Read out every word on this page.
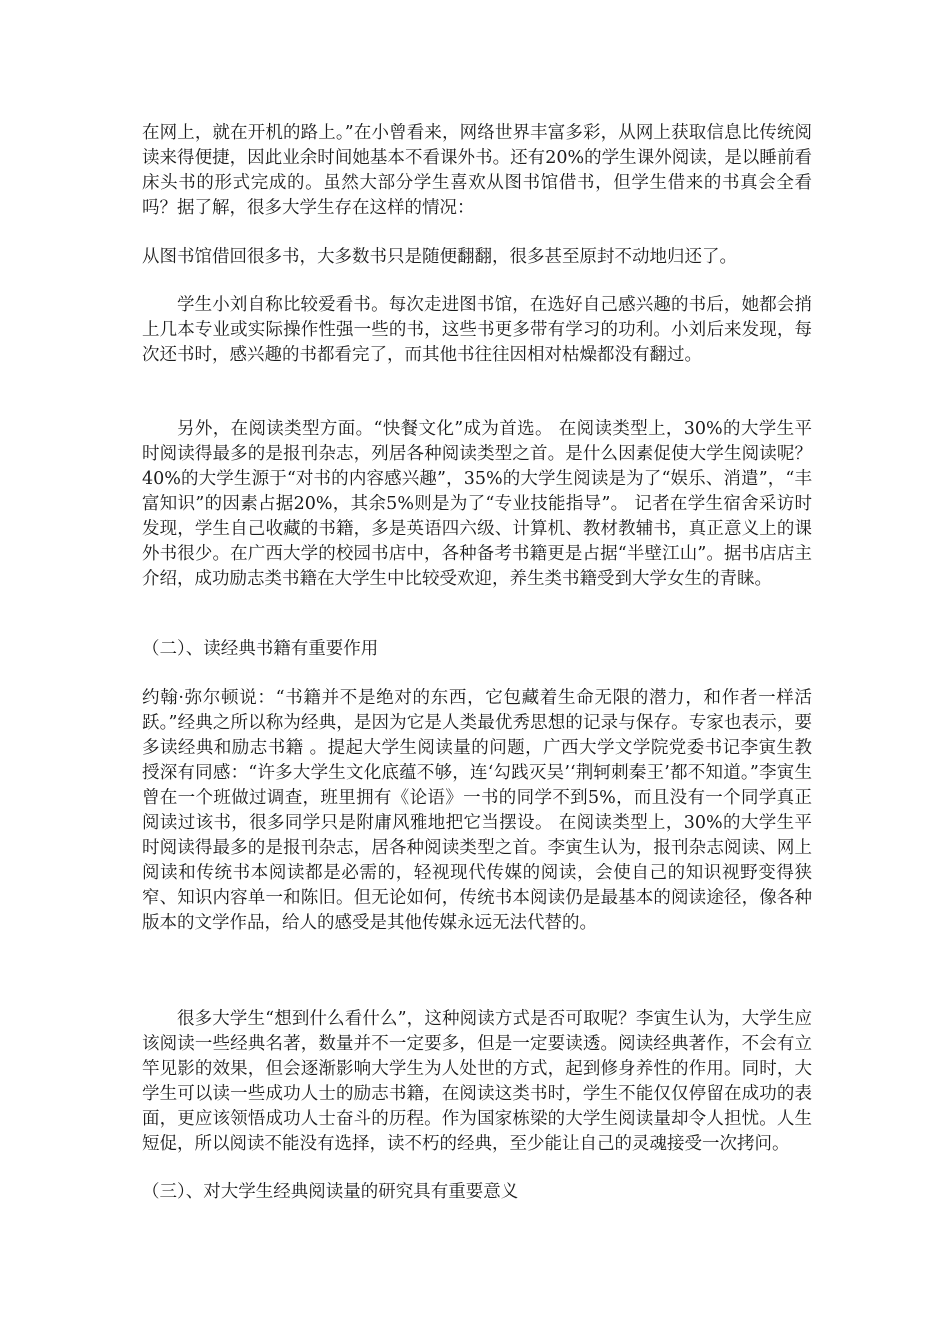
在网上，就在开机的路上。”在小曾看来，网络世界丰富多彩，从网上获取信息比传统阅读来得便捷，因此业余时间她基本不看课外书。还有20%的学生课外阅读，是以睡前看床头书的形式完成的。虽然大部分学生喜欢从图书馆借书，但学生借来的书真会全看吗？据了解，很多大学生存在这样的情况：

从图书馆借回很多书，大多数书只是随便翻翻，很多甚至原封不动地归还了。

学生小刘自称比较爱看书。每次走进图书馆，在选好自己感兴趣的书后，她都会捎上几本专业或实际操作性强一些的书，这些书更多带有学习的功利。小刘后来发现，每次还书时，感兴趣的书都看完了，而其他书往往因相对枯燥都没有翻过。

另外，在阅读类型方面。“快餐文化”成为首选。 在阅读类型上，30%的大学生平时阅读得最多的是报刊杂志，列居各种阅读类型之首。是什么因素促使大学生阅读呢？40%的大学生源于“对书的内容感兴趣”，35%的大学生阅读是为了“娱乐、消遣”，“丰富知识”的因素占据20%，其余5%则是为了“专业技能指导”。 记者在学生宿舍采访时发现，学生自己收藏的书籍，多是英语四六级、计算机、教材教辅书，真正意义上的课外书很少。在广西大学的校园书店中，各种备考书籍更是占据“半壁江山”。据书店店主介绍，成功励志类书籍在大学生中比较受欢迎，养生类书籍受到大学女生的青睐。

（二）、读经典书籍有重要作用

约翰·弥尔顿说：“书籍并不是绝对的东西，它包藏着生命无限的潜力，和作者一样活跃。”经典之所以称为经典，是因为它是人类最优秀思想的记录与保存。专家也表示，要多读经典和励志书籍 。提起大学生阅读量的问题，广西大学文学院党委书记李寅生教授深有同感：“许多大学生文化底蕴不够，连‘勾践灭吴’‘荆轲刺秦王’都不知道。”李寅生曾在一个班做过调查，班里拥有《论语》一书的同学不到5%，而且没有一个同学真正阅读过该书，很多同学只是附庸风雅地把它当摆设。 在阅读类型上，30%的大学生平时阅读得最多的是报刊杂志，居各种阅读类型之首。李寅生认为，报刊杂志阅读、网上阅读和传统书本阅读都是必需的，轻视现代传媒的阅读，会使自己的知识视野变得狭窄、知识内容单一和陈旧。但无论如何，传统书本阅读仍是最基本的阅读途径，像各种版本的文学作品，给人的感受是其他传媒永远无法代替的。

很多大学生“想到什么看什么”，这种阅读方式是否可取呢？李寅生认为，大学生应该阅读一些经典名著，数量并不一定要多，但是一定要读透。阅读经典著作，不会有立竿见影的效果，但会逐渐影响大学生为人处世的方式，起到修身养性的作用。同时，大学生可以读一些成功人士的励志书籍，在阅读这类书时，学生不能仅仅停留在成功的表面，更应该领悟成功人士奋斗的历程。作为国家栋梁的大学生阅读量却令人担忧。人生短促，所以阅读不能没有选择，读不朽的经典，至少能让自己的灵魂接受一次拷问。

（三）、对大学生经典阅读量的研究具有重要意义
